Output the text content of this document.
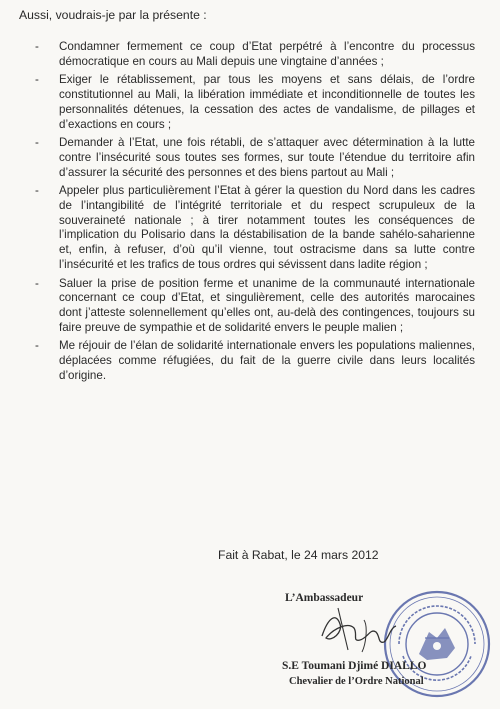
Aussi, voudrais-je par la présente :
- Condamner fermement ce coup d’Etat perpétré à l’encontre du processus démocratique en cours au Mali depuis une vingtaine d’années ;
- Exiger le rétablissement, par tous les moyens et sans délais, de l’ordre constitutionnel au Mali, la libération immédiate et inconditionnelle de toutes les personnalités détenues, la cessation des actes de vandalisme, de pillages et d’exactions en cours ;
- Demander à l’Etat, une fois rétabli, de s’attaquer avec détermination à la lutte contre l’insécurité sous toutes ses formes, sur toute l’étendue du territoire afin d’assurer la sécurité des personnes et des biens partout au Mali ;
- Appeler plus particulièrement l’Etat à gérer la question du Nord dans les cadres de l’intangibilité de l’intégrité territoriale et du respect scrupuleux de la souveraineté nationale ; à tirer notamment toutes les conséquences de l’implication du Polisario dans la déstabilisation de la bande sahélo-saharienne et, enfin, à refuser, d’où qu’il vienne, tout ostracisme dans sa lutte contre l’insécurité et les trafics de tous ordres qui sévissent dans ladite région ;
- Saluer la prise de position ferme et unanime de la communauté internationale concernant ce coup d’Etat, et singulièrement, celle des autorités marocaines dont j’atteste solennellement qu’elles ont, au-delà des contingences, toujours su faire preuve de sympathie et de solidarité envers le peuple malien ;
- Me réjouir de l’élan de solidarité internationale envers les populations maliennes, déplacées comme réfugiées, du fait de la guerre civile dans leurs localités d’origine.
Fait à Rabat, le 24 mars 2012
L’Ambassadeur
S.E Toumani Djimé DIALLO
Chevalier de l’Ordre National
